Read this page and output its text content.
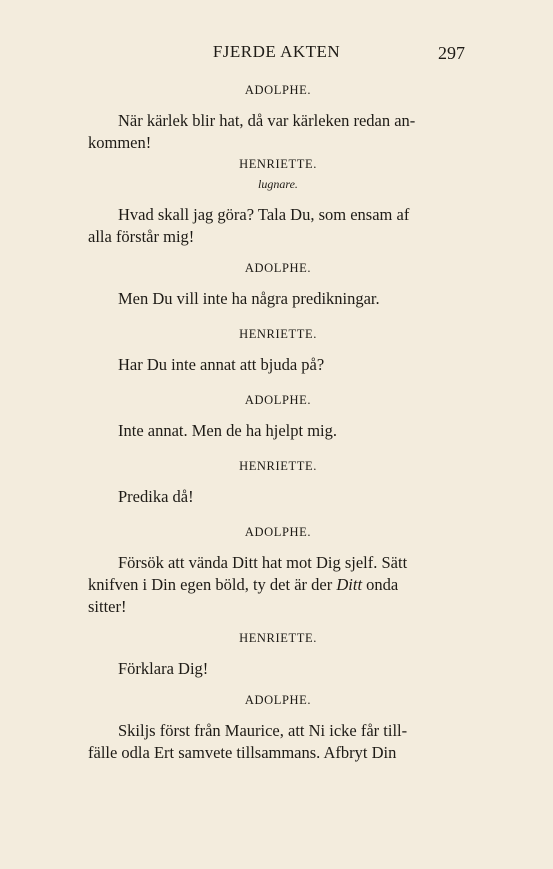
FJERDE AKTEN	297

ADOLPHE.

När kärlek blir hat, då var kärleken redan an-

kommen!

HENRIETTE.

lugnare.

Hvad skall jag göra? Tala Du, som ensam af

alla förstår mig!

ADOLPHE.

Men Du vill inte ha några predikningar.

HENRIETTE.

Har Du inte annat att bjuda på?

ADOLPHE.

Inte annat. Men de ha hjelpt mig.

HENRIETTE.

Predika då!

ADOLPHE.

Försök att vända Ditt hat mot Dig sjelf. Sätt

knifven i Din egen böld, ty det är der Ditt onda

sitter!

HENRIETTE.

Förklara Dig!

ADOLPHE.

Skiljs först från Maurice, att Ni icke får till-

fälle odla Ert samvete tillsammans. Afbryt Din
